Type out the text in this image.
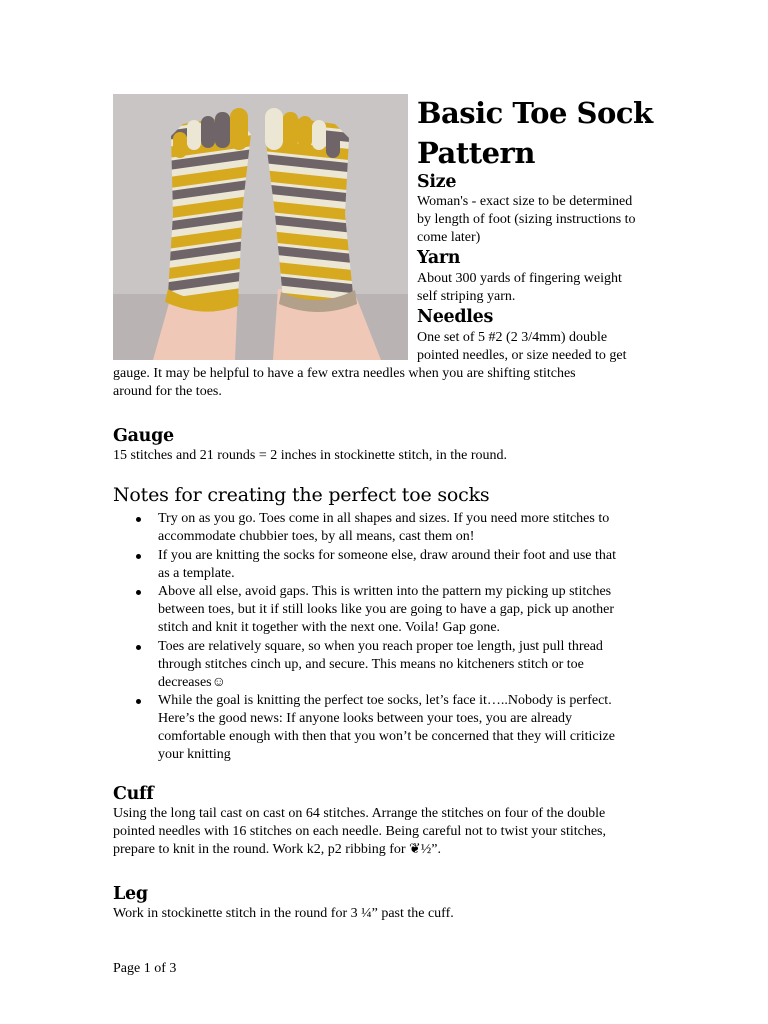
Basic Toe Sock
Pattern
Size
Woman's - exact size to be determined
by length of foot (sizing instructions to
come later)
Yarn
About 300 yards of fingering weight
self striping yarn.
Needles
One set of 5 #2 (2 3/4mm) double
pointed needles, or size needed to get
gauge. It may be helpful to have a few extra needles when you are shifting stitches
around for the toes.
Gauge
15 stitches and 21 rounds = 2 inches in stockinette stitch, in the round.
Notes for creating the perfect toe socks
Try on as you go. Toes come in all shapes and sizes. If you need more stitches to
accommodate chubbier toes, by all means, cast them on!
If you are knitting the socks for someone else, draw around their foot and use that
as a template.
Above all else, avoid gaps. This is written into the pattern my picking up stitches
between toes, but it if still looks like you are going to have a gap, pick up another
stitch and knit it together with the next one. Voila! Gap gone.
Toes are relatively square, so when you reach proper toe length, just pull thread
through stitches cinch up, and secure. This means no kitcheners stitch or toe
decreases☺
While the goal is knitting the perfect toe socks, let’s face it…..Nobody is perfect.
Here’s the good news: If anyone looks between your toes, you are already
comfortable enough with then that you won’t be concerned that they will criticize
your knitting
Cuff
Using the long tail cast on cast on 64 stitches. Arrange the stitches on four of the double
pointed needles with 16 stitches on each needle. Being careful not to twist your stitches,
prepare to knit in the round. Work k2, p2 ribbing for ❦½”.
Leg
Work in stockinette stitch in the round for 3 ¼” past the cuff.
Page 1 of 3
